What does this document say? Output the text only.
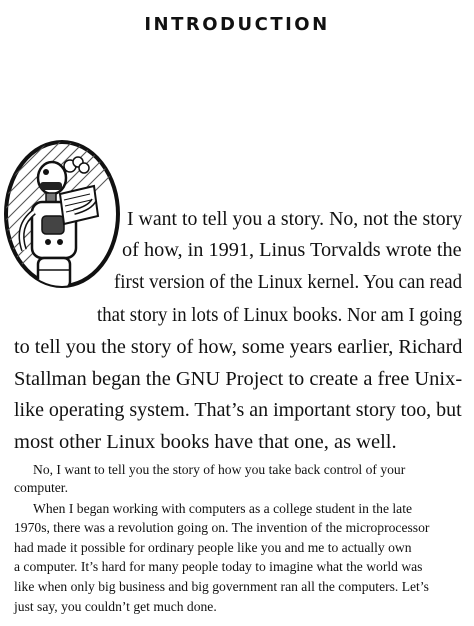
INTRODUCTION

I want to tell you a story. No, not the story

of how, in 1991, Linus Torvalds wrote the

first version of the Linux kernel. You can read

that story in lots of Linux books. Nor am I going

to tell you the story of how, some years earlier, Richard

Stallman began the GNU Project to create a free Unix-

like operating system. That’s an important story too, but

most other Linux books have that one, as well.

No, I want to tell you the story of how you take back control of your

computer.

When I began working with computers as a college student in the late

1970s, there was a revolution going on. The invention of the microprocessor

had made it possible for ordinary people like you and me to actually own

a computer. It’s hard for many people today to imagine what the world was

like when only big business and big government ran all the computers. Let’s

just say, you couldn’t get much done.
